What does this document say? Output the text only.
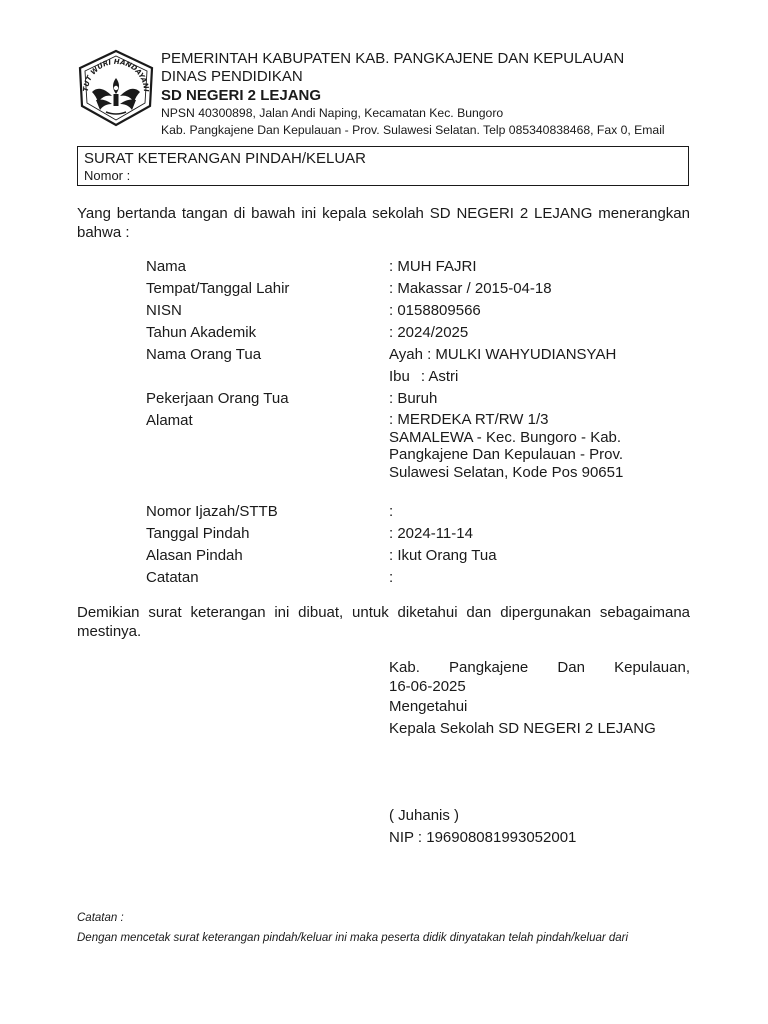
TUT WURI HANDAYANI
PEMERINTAH KABUPATEN KAB. PANGKAJENE DAN KEPULAUAN
DINAS PENDIDIKAN
SD NEGERI 2 LEJANG
NPSN 40300898, Jalan Andi Naping, Kecamatan Kec. Bungoro
Kab. Pangkajene Dan Kepulauan - Prov. Sulawesi Selatan. Telp 085340838468, Fax 0, Email
SURAT KETERANGAN PINDAH/KELUAR
Nomor :
Yang bertanda tangan di bawah ini kepala sekolah SD NEGERI 2 LEJANG menerangkan bahwa :
Nama	: MUH FAJRI
Tempat/Tanggal Lahir	: Makassar / 2015-04-18
NISN	: 0158809566
Tahun Akademik	: 2024/2025
Nama Orang Tua	Ayah : MULKI WAHYUDIANSYAH
Ibu : Astri
Pekerjaan Orang Tua	: Buruh
Alamat	: MERDEKA RT/RW 1/3 SAMALEWA - Kec. Bungoro - Kab. Pangkajene Dan Kepulauan - Prov. Sulawesi Selatan, Kode Pos 90651
Nomor Ijazah/STTB	:
Tanggal Pindah	: 2024-11-14
Alasan Pindah	: Ikut Orang Tua
Catatan	:
Demikian surat keterangan ini dibuat, untuk diketahui dan dipergunakan sebagaimana mestinya.
Kab. Pangkajene Dan Kepulauan,
16-06-2025
Mengetahui
Kepala Sekolah SD NEGERI 2 LEJANG
( Juhanis )
NIP : 196908081993052001
Catatan :
Dengan mencetak surat keterangan pindah/keluar ini maka peserta didik dinyatakan telah pindah/keluar dari
